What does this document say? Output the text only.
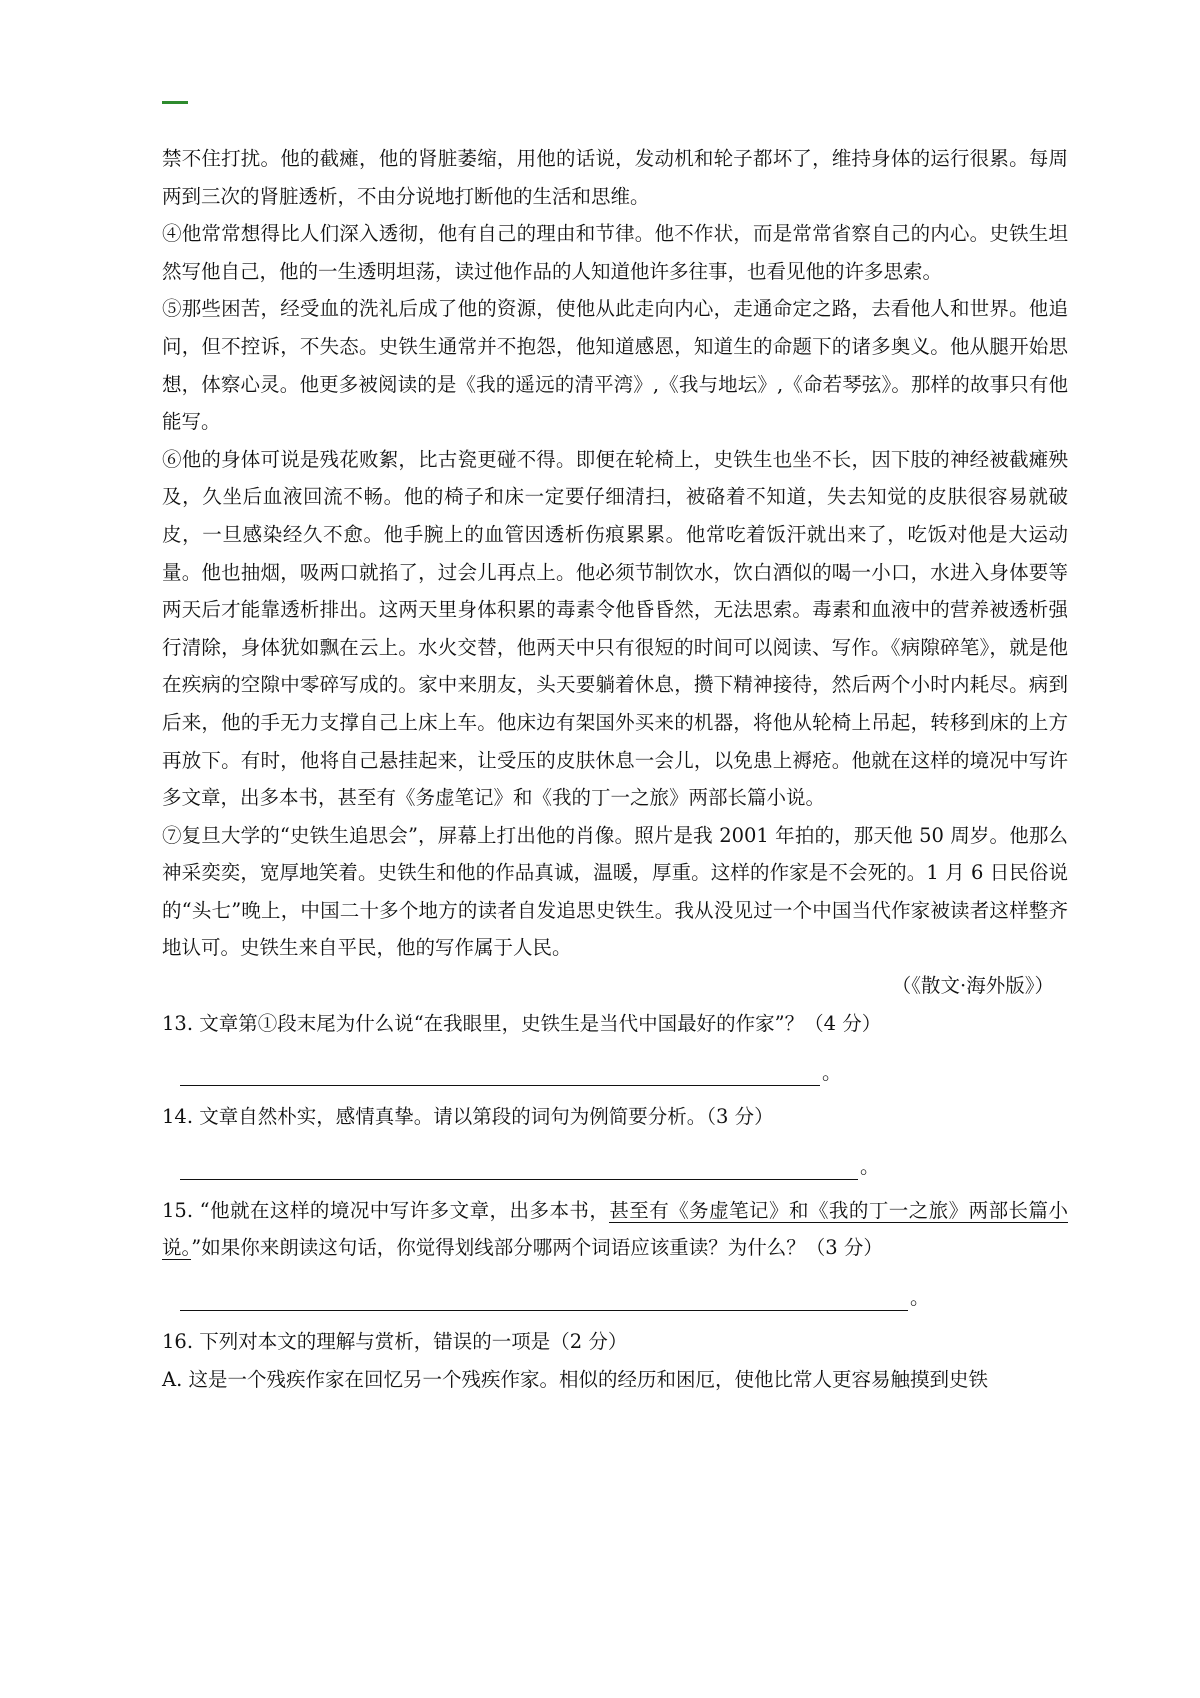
禁不住打扰。他的截瘫，他的肾脏萎缩，用他的话说，发动机和轮子都坏了，维持身体的运行很累。每周两到三次的肾脏透析，不由分说地打断他的生活和思维。

④他常常想得比人们深入透彻，他有自己的理由和节律。他不作状，而是常常省察自己的内心。史铁生坦然写他自己，他的一生透明坦荡，读过他作品的人知道他许多往事，也看见他的许多思索。

⑤那些困苦，经受血的洗礼后成了他的资源，使他从此走向内心，走通命定之路，去看他人和世界。他追问，但不控诉，不失态。史铁生通常并不抱怨，他知道感恩，知道生的命题下的诸多奥义。他从腿开始思想，体察心灵。他更多被阅读的是《我的遥远的清平湾》,《我与地坛》,《命若琴弦》。那样的故事只有他能写。

⑥他的身体可说是残花败絮，比古瓷更碰不得。即便在轮椅上，史铁生也坐不长，因下肢的神经被截瘫殃及，久坐后血液回流不畅。他的椅子和床一定要仔细清扫，被硌着不知道，失去知觉的皮肤很容易就破皮，一旦感染经久不愈。他手腕上的血管因透析伤痕累累。他常吃着饭汗就出来了，吃饭对他是大运动量。他也抽烟，吸两口就掐了，过会儿再点上。他必须节制饮水，饮白酒似的喝一小口，水进入身体要等两天后才能靠透析排出。这两天里身体积累的毒素令他昏昏然，无法思索。毒素和血液中的营养被透析强行清除，身体犹如飘在云上。水火交替，他两天中只有很短的时间可以阅读、写作。《病隙碎笔》，就是他在疾病的空隙中零碎写成的。家中来朋友，头天要躺着休息，攒下精神接待，然后两个小时内耗尽。病到后来，他的手无力支撑自己上床上车。他床边有架国外买来的机器，将他从轮椅上吊起，转移到床的上方再放下。有时，他将自己悬挂起来，让受压的皮肤休息一会儿，以免患上褥疮。他就在这样的境况中写许多文章，出多本书，甚至有《务虚笔记》和《我的丁一之旅》两部长篇小说。

⑦复旦大学的“史铁生追思会”，屏幕上打出他的肖像。照片是我 2001 年拍的，那天他 50 周岁。他那么神采奕奕，宽厚地笑着。史铁生和他的作品真诚，温暖，厚重。这样的作家是不会死的。1 月 6 日民俗说的“头七”晚上，中国二十多个地方的读者自发追思史铁生。我从没见过一个中国当代作家被读者这样整齐地认可。史铁生来自平民，他的写作属于人民。

（《散文·海外版》）

13. 文章第①段末尾为什么说“在我眼里，史铁生是当代中国最好的作家”？（4 分）

。

14. 文章自然朴实，感情真挚。请以第段的词句为例简要分析。（3 分）

。

15. “他就在这样的境况中写许多文章，出多本书，甚至有《务虚笔记》和《我的丁一之旅》两部长篇小说。”如果你来朗读这句话，你觉得划线部分哪两个词语应该重读？为什么？（3 分）

。

16. 下列对本文的理解与赏析，错误的一项是（2 分）

A. 这是一个残疾作家在回忆另一个残疾作家。相似的经历和困厄，使他比常人更容易触摸到史铁
